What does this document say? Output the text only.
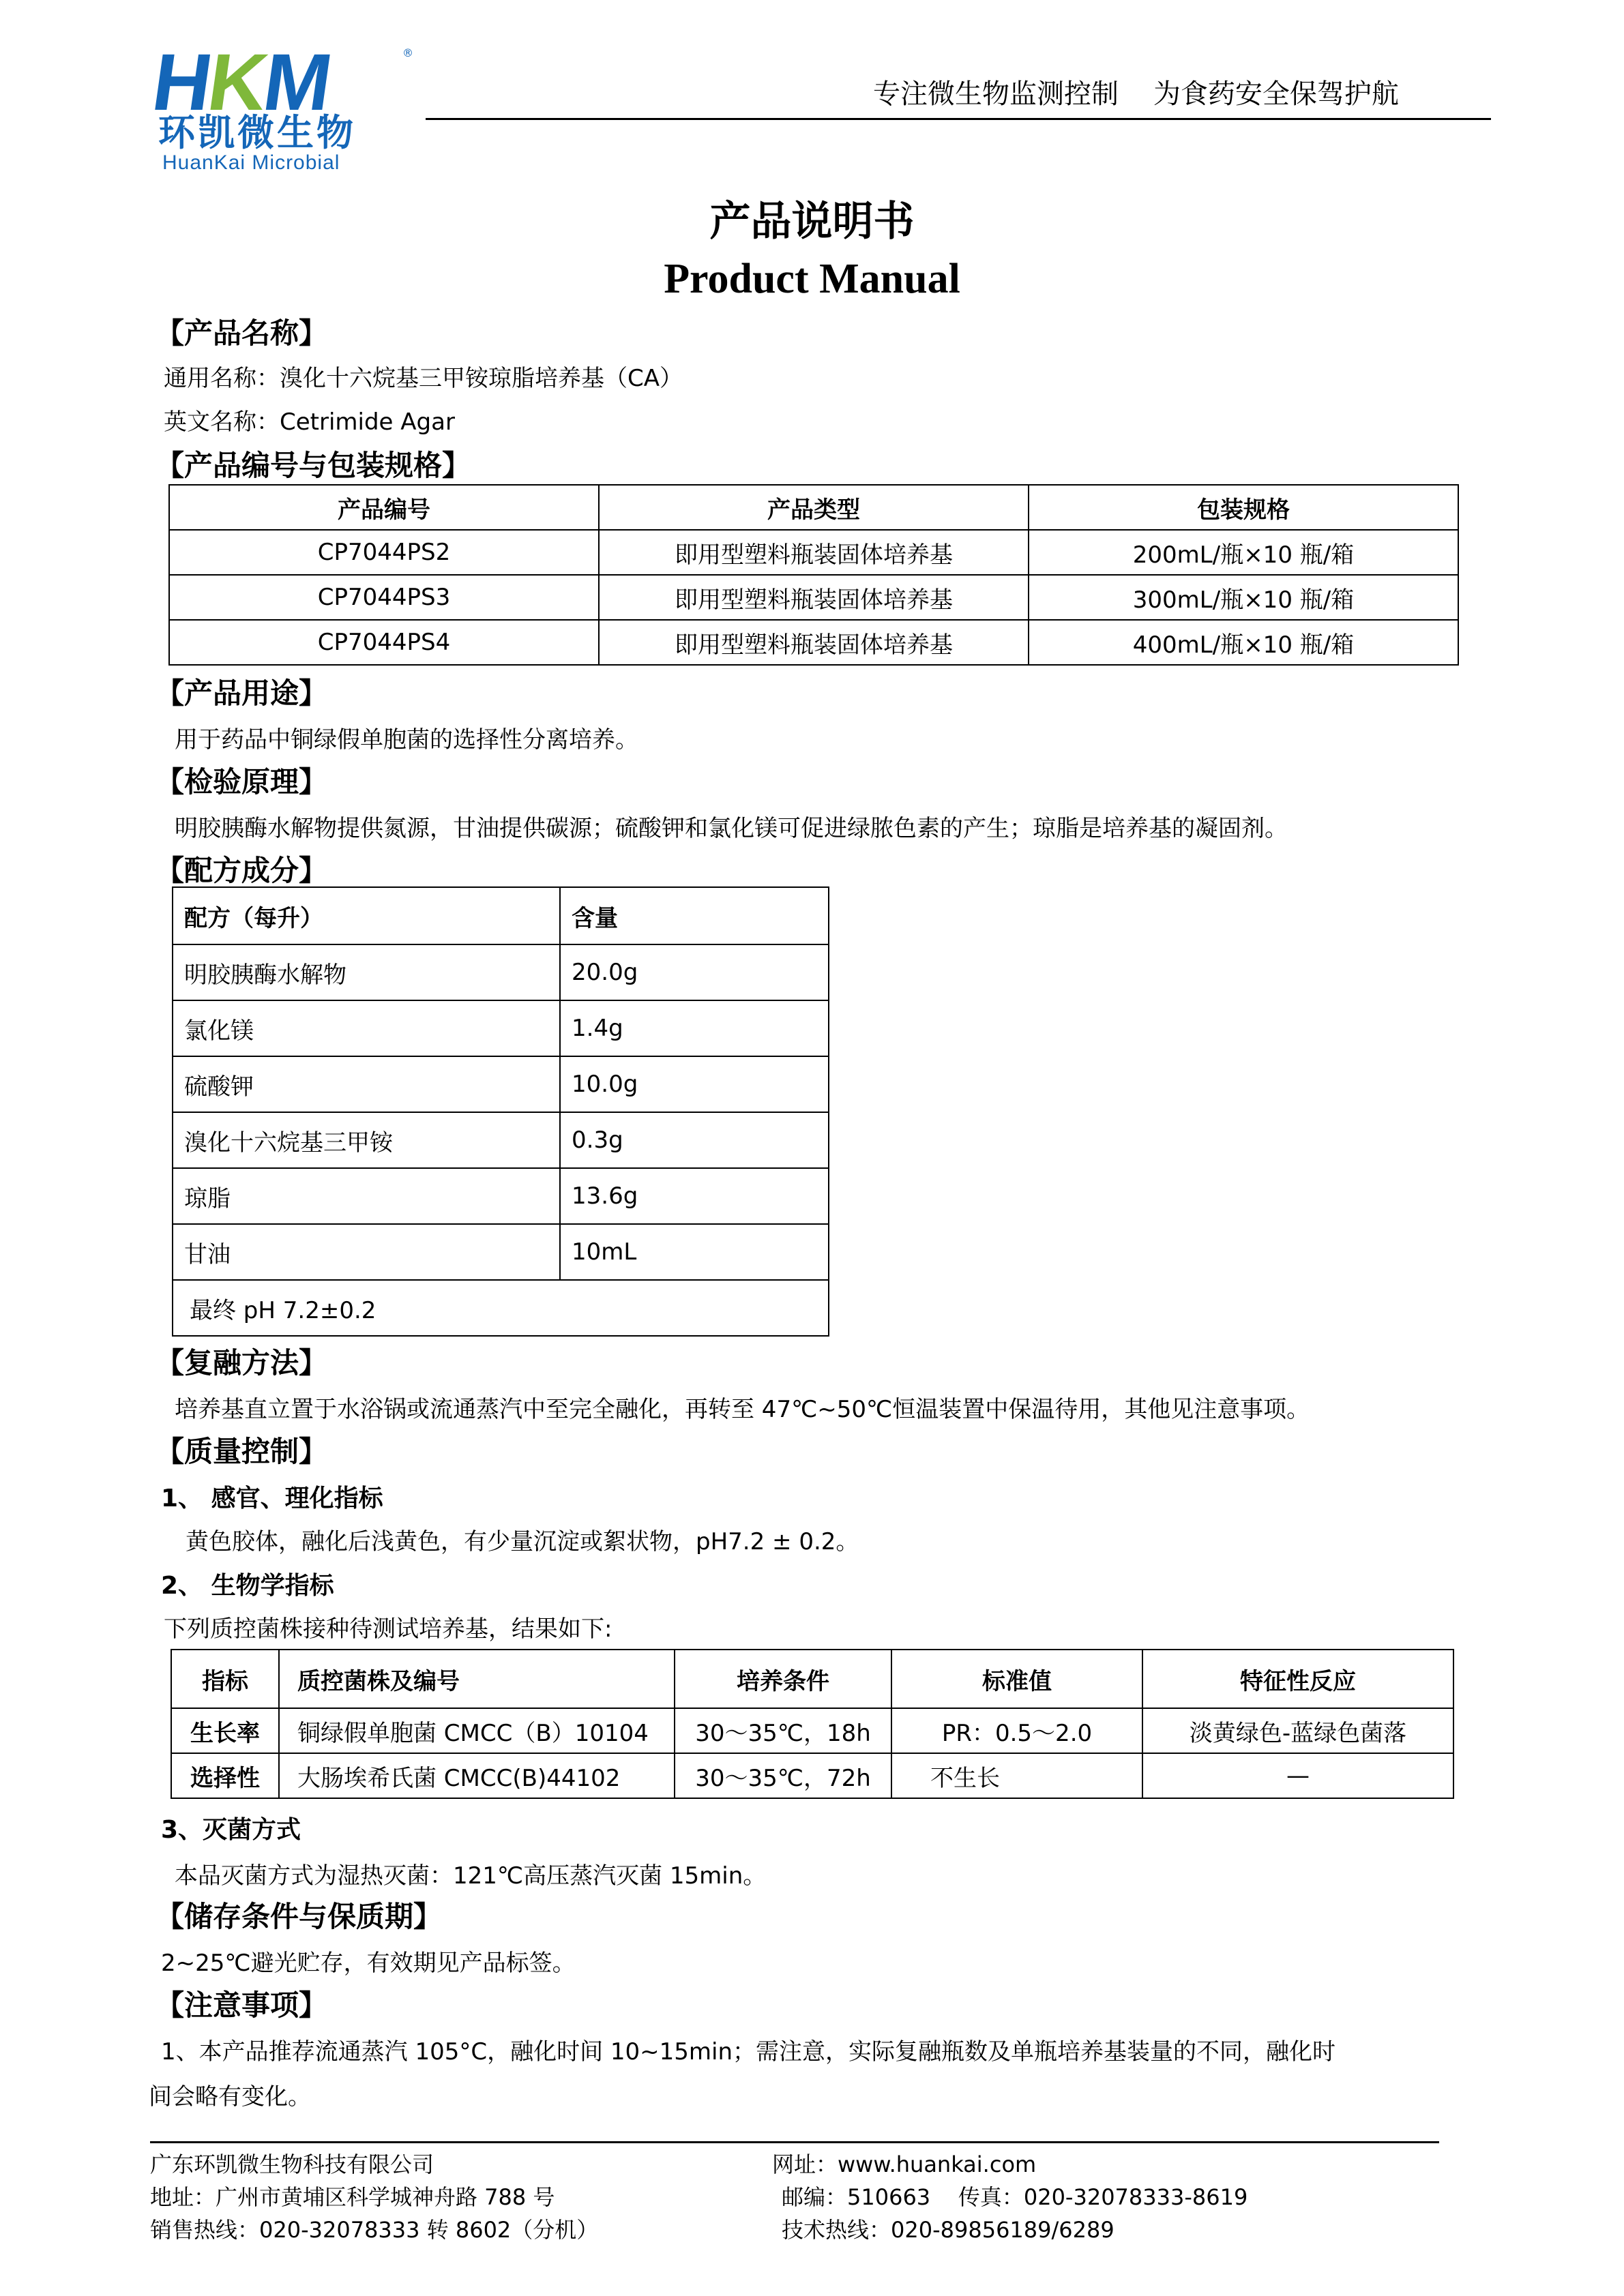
HKM	®
环凯微生物
HuanKai Microbial
专注微生物监测控制    为食药安全保驾护航
产品说明书
Product Manual
【产品名称】
通用名称：溴化十六烷基三甲铵琼脂培养基（CA）
英文名称：Cetrimide Agar
【产品编号与包装规格】
产品编号	产品类型	包装规格
CP7044PS2	即用型塑料瓶装固体培养基	200mL/瓶×10 瓶/箱
CP7044PS3	即用型塑料瓶装固体培养基	300mL/瓶×10 瓶/箱
CP7044PS4	即用型塑料瓶装固体培养基	400mL/瓶×10 瓶/箱
【产品用途】
用于药品中铜绿假单胞菌的选择性分离培养。
【检验原理】
明胶胰酶水解物提供氮源，甘油提供碳源；硫酸钾和氯化镁可促进绿脓色素的产生；琼脂是培养基的凝固剂。
【配方成分】
配方（每升）	含量
明胶胰酶水解物	20.0g
氯化镁	1.4g
硫酸钾	10.0g
溴化十六烷基三甲铵	0.3g
琼脂	13.6g
甘油	10mL
最终 pH 7.2±0.2	
【复融方法】
培养基直立置于水浴锅或流通蒸汽中至完全融化，再转至 47℃~50℃恒温装置中保温待用，其他见注意事项。
【质量控制】
1、 感官、理化指标
黄色胶体，融化后浅黄色，有少量沉淀或絮状物，pH7.2 ± 0.2。
2、 生物学指标
下列质控菌株接种待测试培养基，结果如下:
指标	质控菌株及编号	培养条件	标准值	特征性反应
生长率	铜绿假单胞菌 CMCC（B）10104	30～35℃，18h	PR：0.5～2.0	淡黄绿色-蓝绿色菌落
选择性	大肠埃希氏菌 CMCC(B)44102	30～35℃，72h	不生长	—
3、灭菌方式
本品灭菌方式为湿热灭菌：121℃高压蒸汽灭菌 15min。
【储存条件与保质期】
2~25℃避光贮存，有效期见产品标签。
【注意事项】
1、本产品推荐流通蒸汽 105°C，融化时间 10~15min；需注意，实际复融瓶数及单瓶培养基装量的不同，融化时
间会略有变化。
广东环凯微生物科技有限公司
地址：广州市黄埔区科学城神舟路 788 号
销售热线：020-32078333 转 8602（分机）
网址：www.huankai.com
邮编：510663    传真：020-32078333-8619
技术热线：020-89856189/6289
